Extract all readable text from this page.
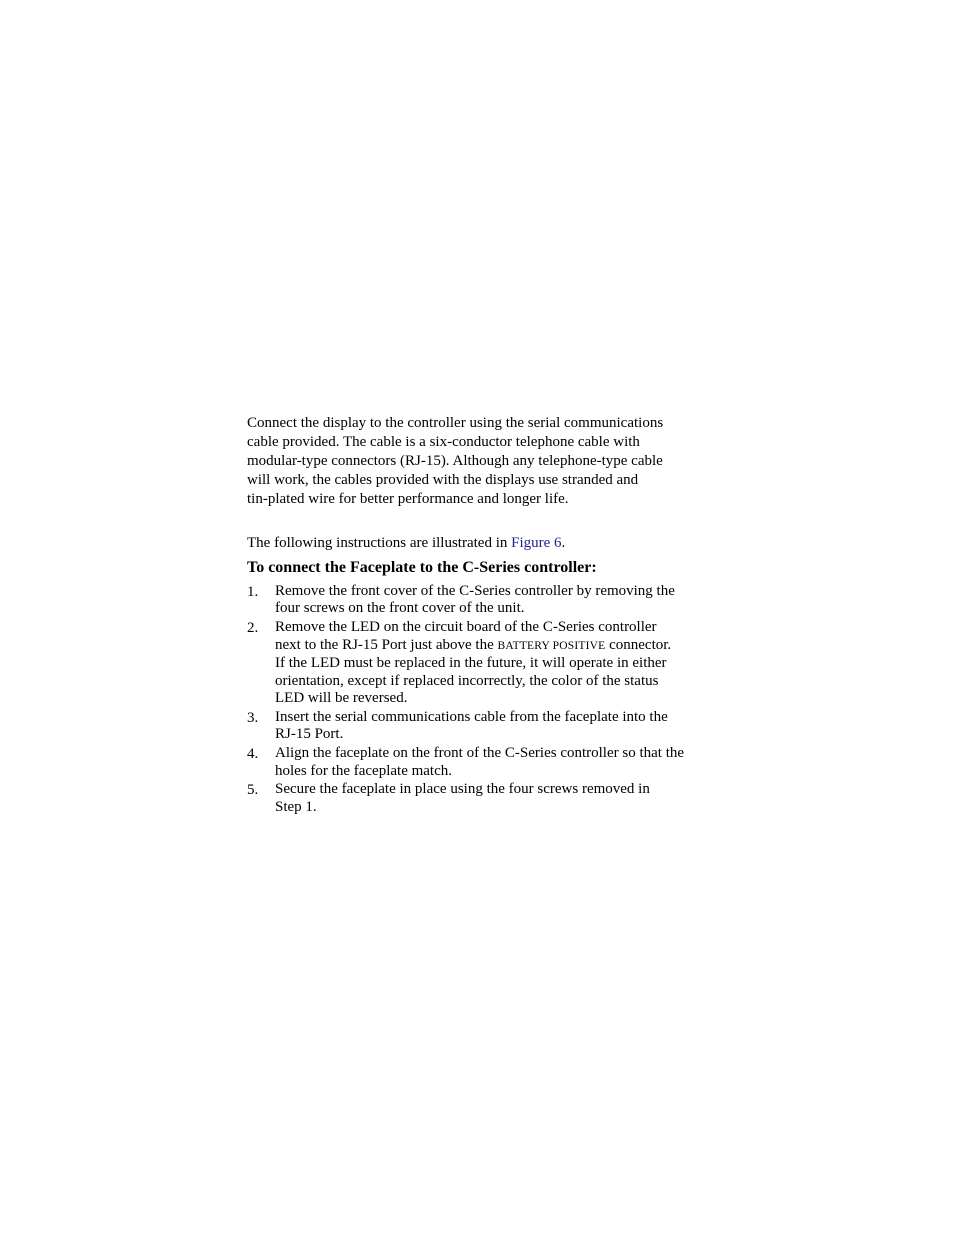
Connect the display to the controller using the serial communications
cable provided. The cable is a six-conductor telephone cable with
modular-type connectors (RJ-15). Although any telephone-type cable
will work, the cables provided with the displays use stranded and
tin-plated wire for better performance and longer life.

The following instructions are illustrated in Figure 6.

To connect the Faceplate to the C-Series controller:
1. Remove the front cover of the C-Series controller by removing the
four screws on the front cover of the unit.
2. Remove the LED on the circuit board of the C-Series controller
next to the RJ-15 Port just above the BATTERY POSITIVE connector.
If the LED must be replaced in the future, it will operate in either
orientation, except if replaced incorrectly, the color of the status
LED will be reversed.
3. Insert the serial communications cable from the faceplate into the
RJ-15 Port.
4. Align the faceplate on the front of the C-Series controller so that the
holes for the faceplate match.
5. Secure the faceplate in place using the four screws removed in
Step 1.
